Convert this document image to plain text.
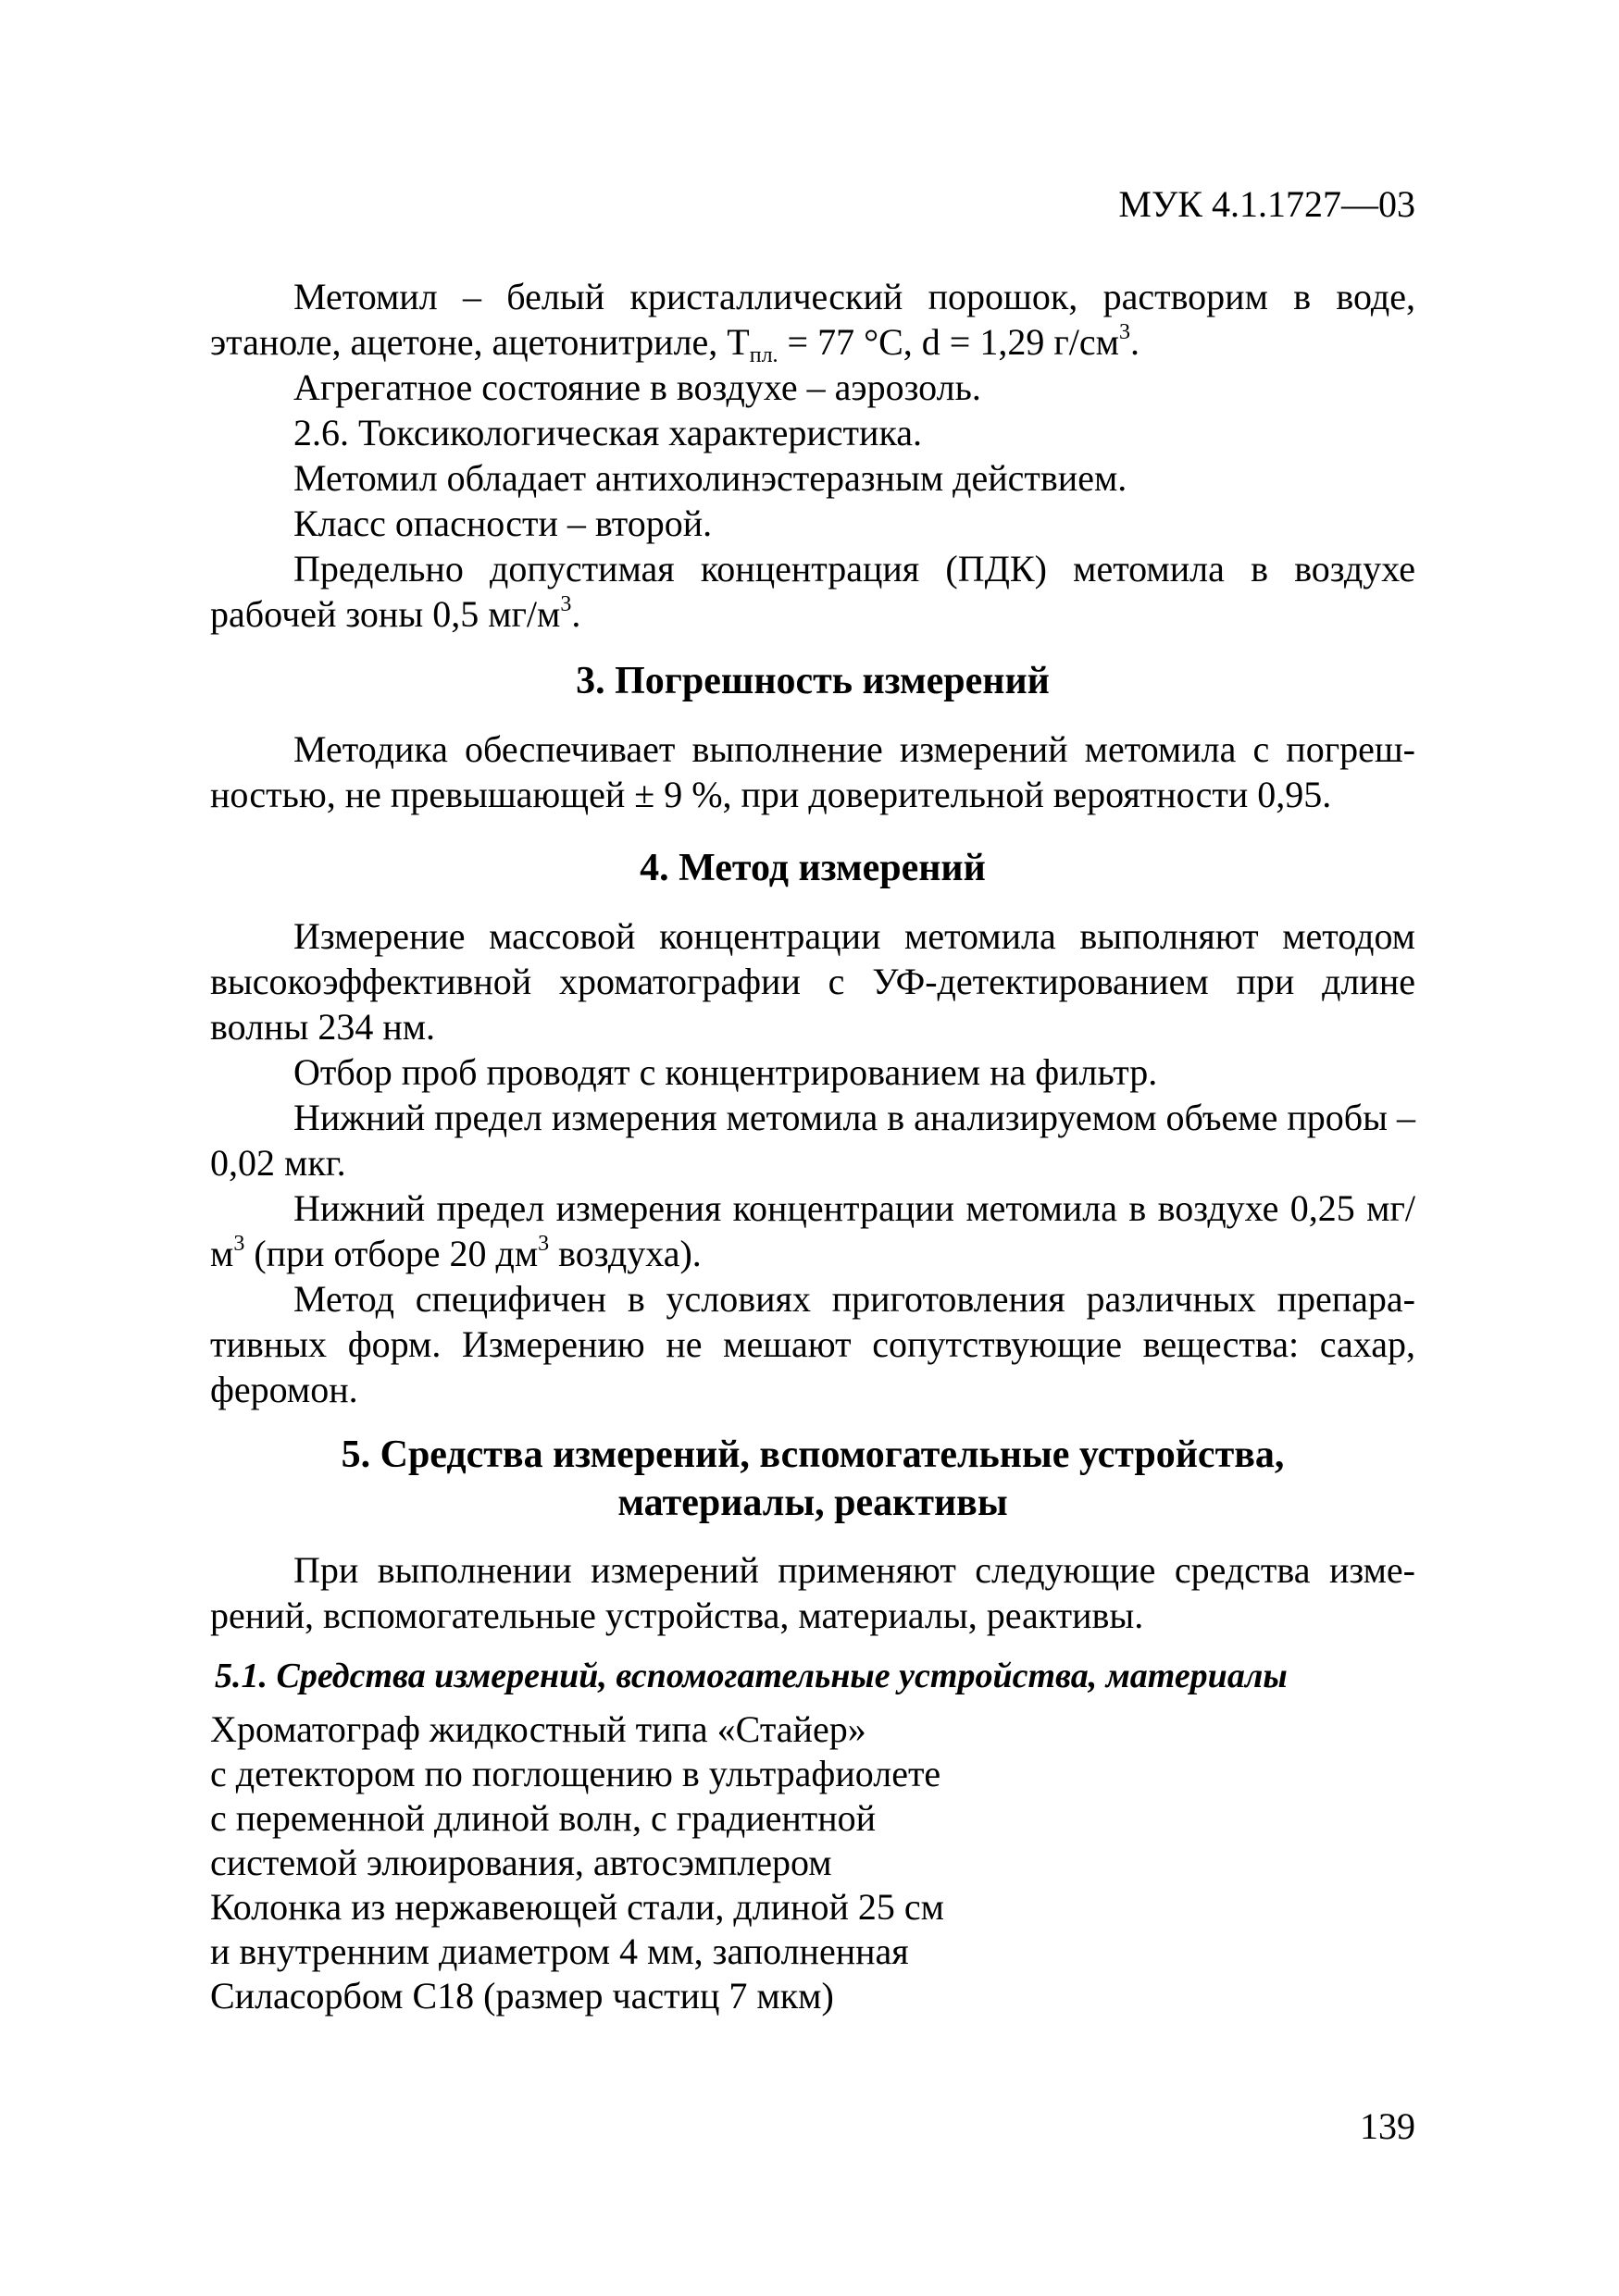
МУК 4.1.1727—03

Метомил – белый кристаллический порошок, растворим в воде, этаноле, ацетоне, ацетонитриле, $Т_{пл.} = 77$ °С, d = 1,29 $г/см^3$.

Агрегатное состояние в воздухе – аэрозоль.

2.6. Токсикологическая характеристика.

Метомил обладает антихолинэстеразным действием.

Класс опасности – второй.

Предельно допустимая концентрация (ПДК) метомила в воздухе рабочей зоны 0,5 $мг/м^3$.

3. Погрешность измерений

Методика обеспечивает выполнение измерений метомила с погрешностью, не превышающей ± 9 %, при доверительной вероятности 0,95.

4. Метод измерений

Измерение массовой концентрации метомила выполняют методом высокоэффективной хроматографии с УФ-детектированием при длине волны 234 нм.

Отбор проб проводят с концентрированием на фильтр.

Нижний предел измерения метомила в анализируемом объеме пробы – 0,02 мкг.

Нижний предел измерения концентрации метомила в воздухе 0,25 $мг/м^3$ (при отборе 20 $дм^3$ воздуха).

Метод специфичен в условиях приготовления различных препаративных форм. Измерению не мешают сопутствующие вещества: сахар, феромон.

5. Средства измерений, вспомогательные устройства,
материалы, реактивы

При выполнении измерений применяют следующие средства измерений, вспомогательные устройства, материалы, реактивы.

5.1. Средства измерений, вспомогательные устройства, материалы
Хроматограф жидкостный типа «Стайер»
с детектором по поглощению в ультрафиолете
с переменной длиной волн, с градиентной
системой элюирования, автосэмплером
Колонка из нержавеющей стали, длиной 25 см
и внутренним диаметром 4 мм, заполненная
Силасорбом С18 (размер частиц 7 мкм)
139
